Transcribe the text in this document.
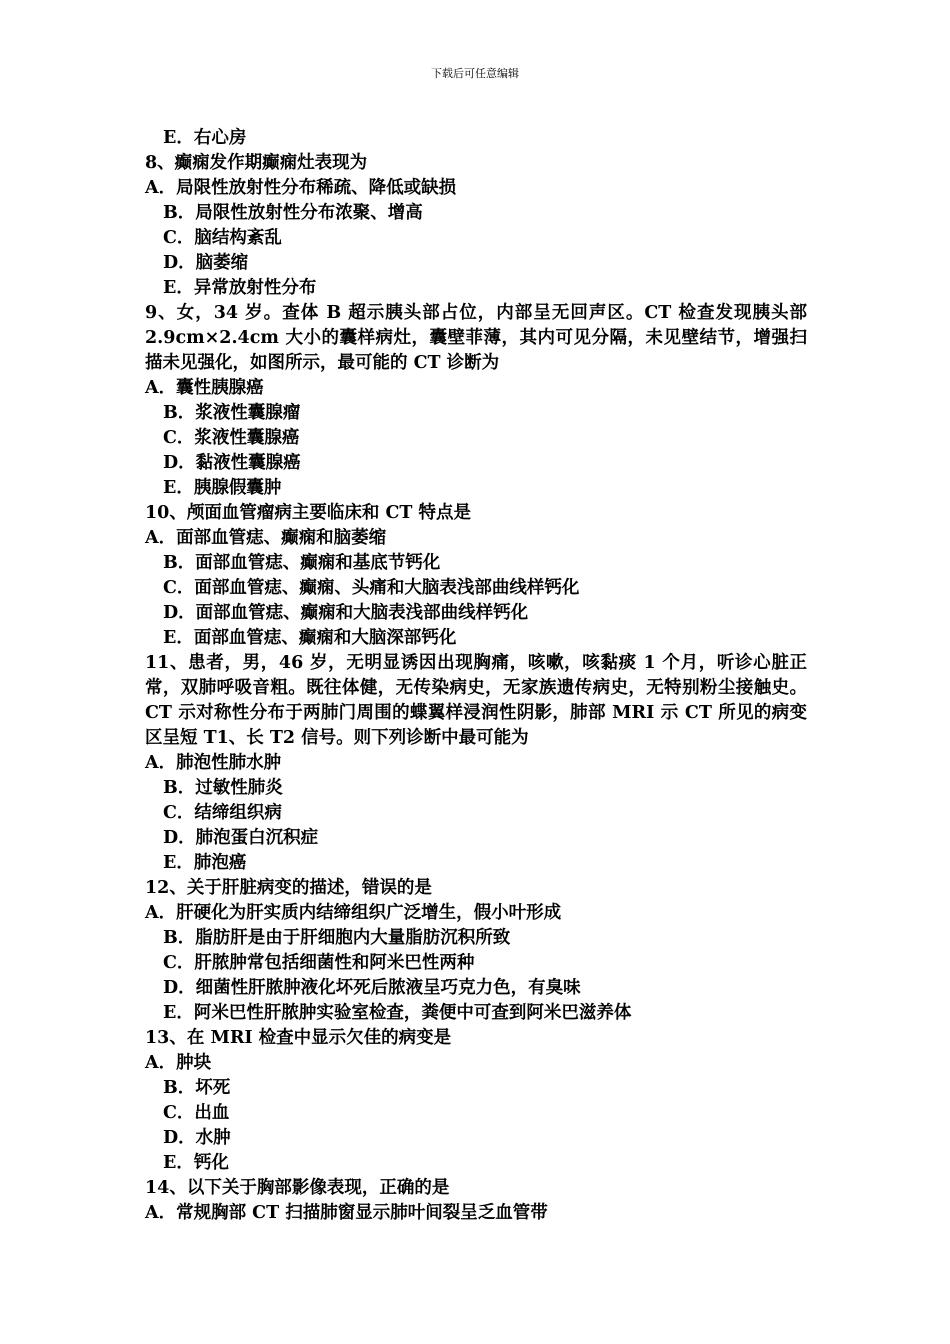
下载后可任意编辑
E．右心房
8、癫痫发作期癫痫灶表现为
A．局限性放射性分布稀疏、降低或缺损
B．局限性放射性分布浓聚、增高
C．脑结构紊乱
D．脑萎缩
E．异常放射性分布
9、女，34 岁。查体 B 超示胰头部占位，内部呈无回声区。CT 检查发现胰头部 2.9cm×2.4cm 大小的囊样病灶，囊壁菲薄，其内可见分隔，未见壁结节，增强扫描未见强化，如图所示，最可能的 CT 诊断为
A．囊性胰腺癌
B．浆液性囊腺瘤
C．浆液性囊腺癌
D．黏液性囊腺癌
E．胰腺假囊肿
10、颅面血管瘤病主要临床和 CT 特点是
A．面部血管痣、癫痫和脑萎缩
B．面部血管痣、癫痫和基底节钙化
C．面部血管痣、癫痫、头痛和大脑表浅部曲线样钙化
D．面部血管痣、癫痫和大脑表浅部曲线样钙化
E．面部血管痣、癫痫和大脑深部钙化
11、患者，男，46 岁，无明显诱因出现胸痛，咳嗽，咳黏痰 1 个月，听诊心脏正常，双肺呼吸音粗。既往体健，无传染病史，无家族遗传病史，无特别粉尘接触史。CT 示对称性分布于两肺门周围的蝶翼样浸润性阴影，肺部 MRI 示 CT 所见的病变区呈短 T1、长 T2 信号。则下列诊断中最可能为
A．肺泡性肺水肿
B．过敏性肺炎
C．结缔组织病
D．肺泡蛋白沉积症
E．肺泡癌
12、关于肝脏病变的描述，错误的是
A．肝硬化为肝实质内结缔组织广泛增生，假小叶形成
B．脂肪肝是由于肝细胞内大量脂肪沉积所致
C．肝脓肿常包括细菌性和阿米巴性两种
D．细菌性肝脓肿液化坏死后脓液呈巧克力色，有臭味
E．阿米巴性肝脓肿实验室检查，粪便中可查到阿米巴滋养体
13、在 MRI 检查中显示欠佳的病变是
A．肿块
B．坏死
C．出血
D．水肿
E．钙化
14、以下关于胸部影像表现，正确的是
A．常规胸部 CT 扫描肺窗显示肺叶间裂呈乏血管带
